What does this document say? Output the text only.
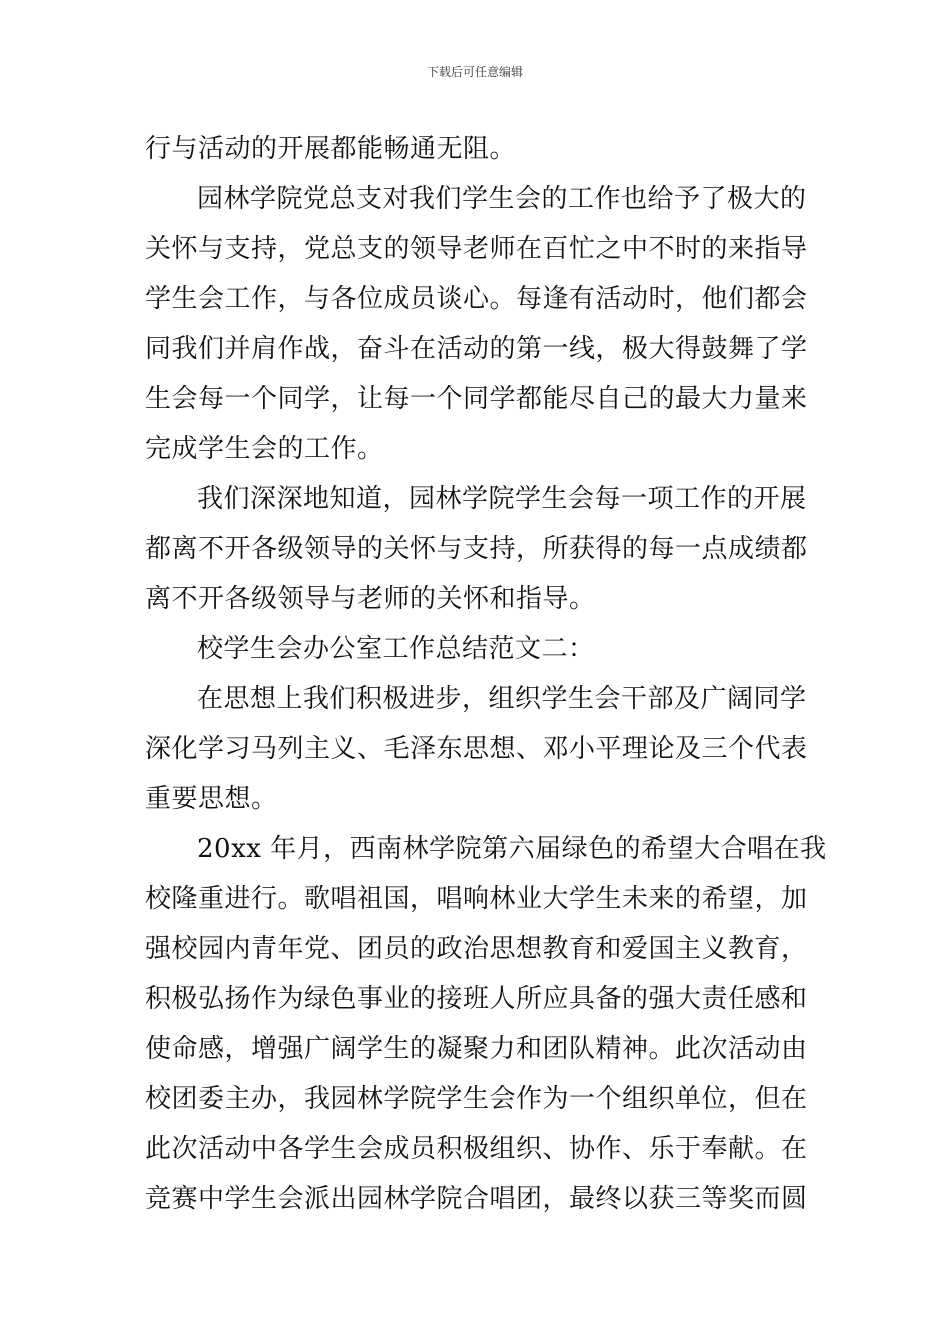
下载后可任意编辑
行与活动的开展都能畅通无阻。
园林学院党总支对我们学生会的工作也给予了极大的
关怀与支持，党总支的领导老师在百忙之中不时的来指导
学生会工作，与各位成员谈心。每逢有活动时，他们都会
同我们并肩作战，奋斗在活动的第一线，极大得鼓舞了学
生会每一个同学，让每一个同学都能尽自己的最大力量来
完成学生会的工作。
我们深深地知道，园林学院学生会每一项工作的开展
都离不开各级领导的关怀与支持，所获得的每一点成绩都
离不开各级领导与老师的关怀和指导。
校学生会办公室工作总结范文二：
在思想上我们积极进步，组织学生会干部及广阔同学
深化学习马列主义、毛泽东思想、邓小平理论及三个代表
重要思想。
20xx 年月，西南林学院第六届绿色的希望大合唱在我
校隆重进行。歌唱祖国，唱响林业大学生未来的希望，加
强校园内青年党、团员的政治思想教育和爱国主义教育，
积极弘扬作为绿色事业的接班人所应具备的强大责任感和
使命感，增强广阔学生的凝聚力和团队精神。此次活动由
校团委主办，我园林学院学生会作为一个组织单位，但在
此次活动中各学生会成员积极组织、协作、乐于奉献。在
竞赛中学生会派出园林学院合唱团，最终以获三等奖而圆
